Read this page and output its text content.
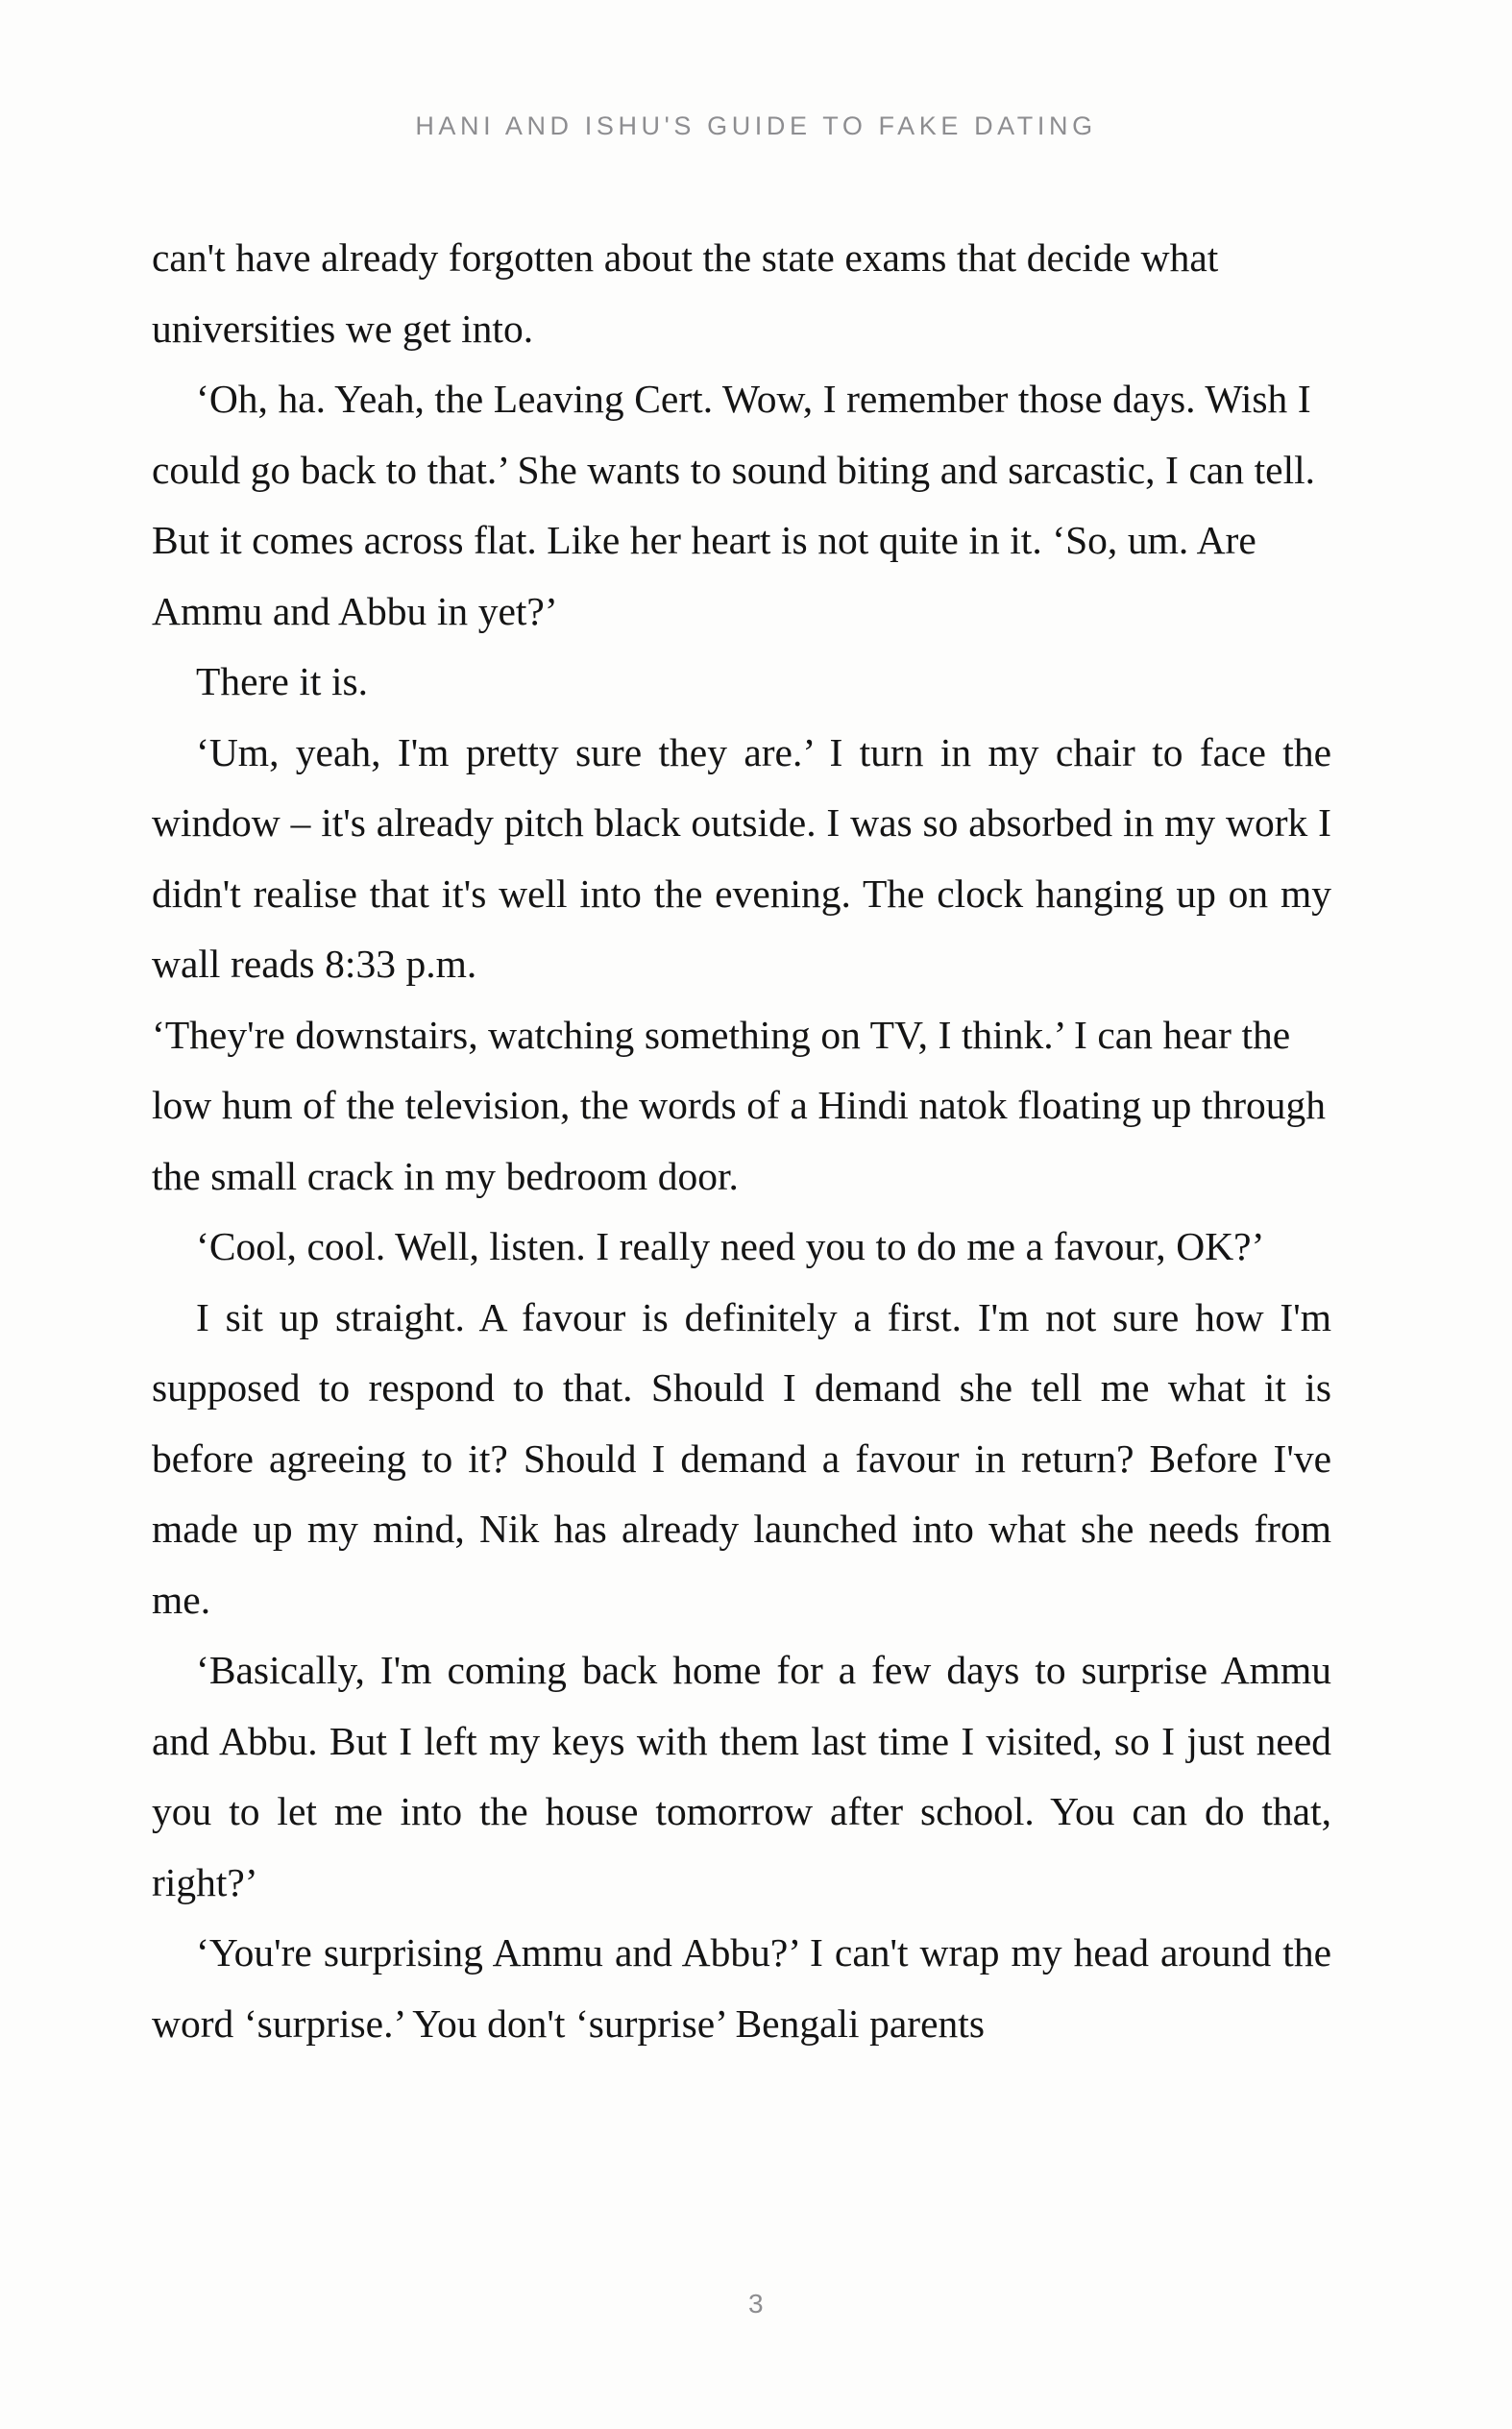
HANI AND ISHU'S GUIDE TO FAKE DATING

can't have already forgotten about the state exams that decide what universities we get into.

‘Oh, ha. Yeah, the Leaving Cert. Wow, I remember those days. Wish I could go back to that.’ She wants to sound biting and sarcastic, I can tell. But it comes across flat. Like her heart is not quite in it. ‘So, um. Are Ammu and Abbu in yet?’

There it is.

‘Um, yeah, I'm pretty sure they are.’ I turn in my chair to face the window – it's already pitch black outside. I was so absorbed in my work I didn't realise that it's well into the evening. The clock hanging up on my wall reads 8:33 p.m.

‘They're downstairs, watching something on TV, I think.’ I can hear the low hum of the television, the words of a Hindi natok floating up through the small crack in my bedroom door.

‘Cool, cool. Well, listen. I really need you to do me a favour, OK?’

I sit up straight. A favour is definitely a first. I'm not sure how I'm supposed to respond to that. Should I demand she tell me what it is before agreeing to it? Should I demand a favour in return? Before I've made up my mind, Nik has already launched into what she needs from me.

‘Basically, I'm coming back home for a few days to surprise Ammu and Abbu. But I left my keys with them last time I visited, so I just need you to let me into the house tomorrow after school. You can do that, right?’

‘You're surprising Ammu and Abbu?’ I can't wrap my head around the word ‘surprise.’ You don't ‘surprise’ Bengali parents

3
